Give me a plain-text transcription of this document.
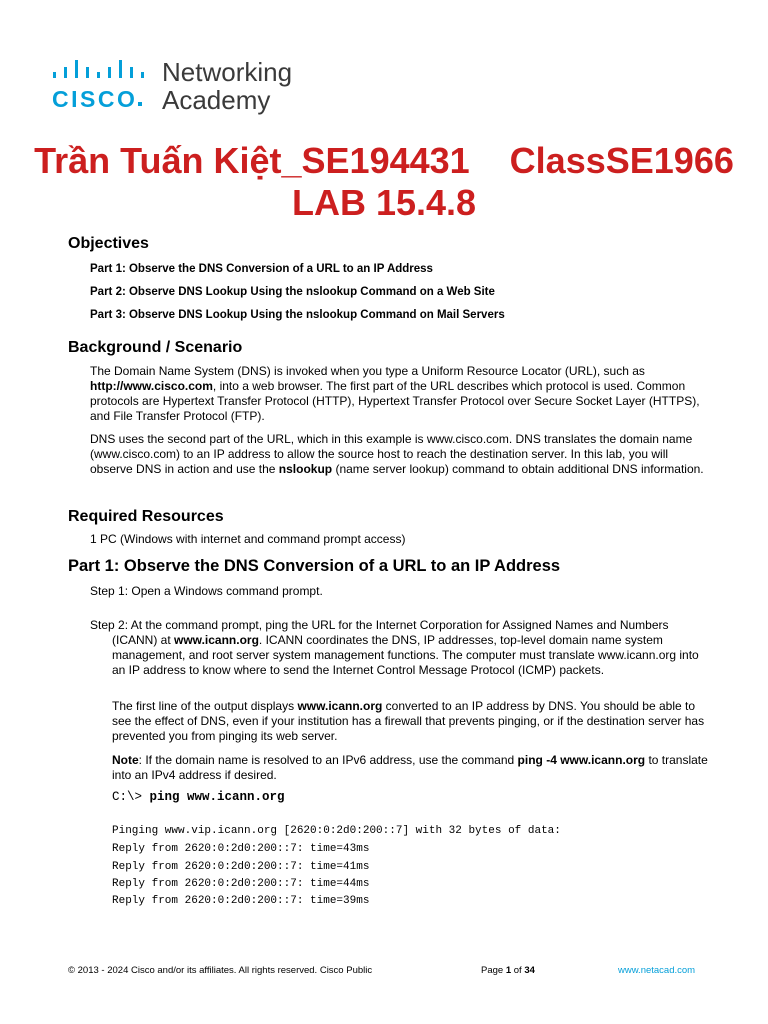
CISCO
Networking
Academy
Trần Tuấn Kiệt_SE194431    ClassSE1966
LAB 15.4.8
Objectives

Part 1: Observe the DNS Conversion of a URL to an IP Address

Part 2: Observe DNS Lookup Using the nslookup Command on a Web Site

Part 3: Observe DNS Lookup Using the nslookup Command on Mail Servers

Background / Scenario

The Domain Name System (DNS) is invoked when you type a Uniform Resource Locator (URL), such as http://www.cisco.com, into a web browser. The first part of the URL describes which protocol is used. Common protocols are Hypertext Transfer Protocol (HTTP), Hypertext Transfer Protocol over Secure Socket Layer (HTTPS), and File Transfer Protocol (FTP).

DNS uses the second part of the URL, which in this example is www.cisco.com. DNS translates the domain name (www.cisco.com) to an IP address to allow the source host to reach the destination server. In this lab, you will observe DNS in action and use the nslookup (name server lookup) command to obtain additional DNS information.

Required Resources

1 PC (Windows with internet and command prompt access)

Part 1: Observe the DNS Conversion of a URL to an IP Address

Step 1: Open a Windows command prompt.

Step 2: At the command prompt, ping the URL for the Internet Corporation for Assigned Names and Numbers (ICANN) at www.icann.org. ICANN coordinates the DNS, IP addresses, top-level domain name system management, and root server system management functions. The computer must translate www.icann.org into an IP address to know where to send the Internet Control Message Protocol (ICMP) packets.

The first line of the output displays www.icann.org converted to an IP address by DNS. You should be able to see the effect of DNS, even if your institution has a firewall that prevents pinging, or if the destination server has prevented you from pinging its web server.

Note: If the domain name is resolved to an IPv6 address, use the command ping -4 www.icann.org to translate into an IPv4 address if desired.

C:\> ping www.icann.org

Pinging www.vip.icann.org [2620:0:2d0:200::7] with 32 bytes of data:

Reply from 2620:0:2d0:200::7: time=43ms

Reply from 2620:0:2d0:200::7: time=41ms

Reply from 2620:0:2d0:200::7: time=44ms

Reply from 2620:0:2d0:200::7: time=39ms

© 2013 - 2024 Cisco and/or its affiliates. All rights reserved. Cisco Public	Page 1 of 34	www.netacad.com
